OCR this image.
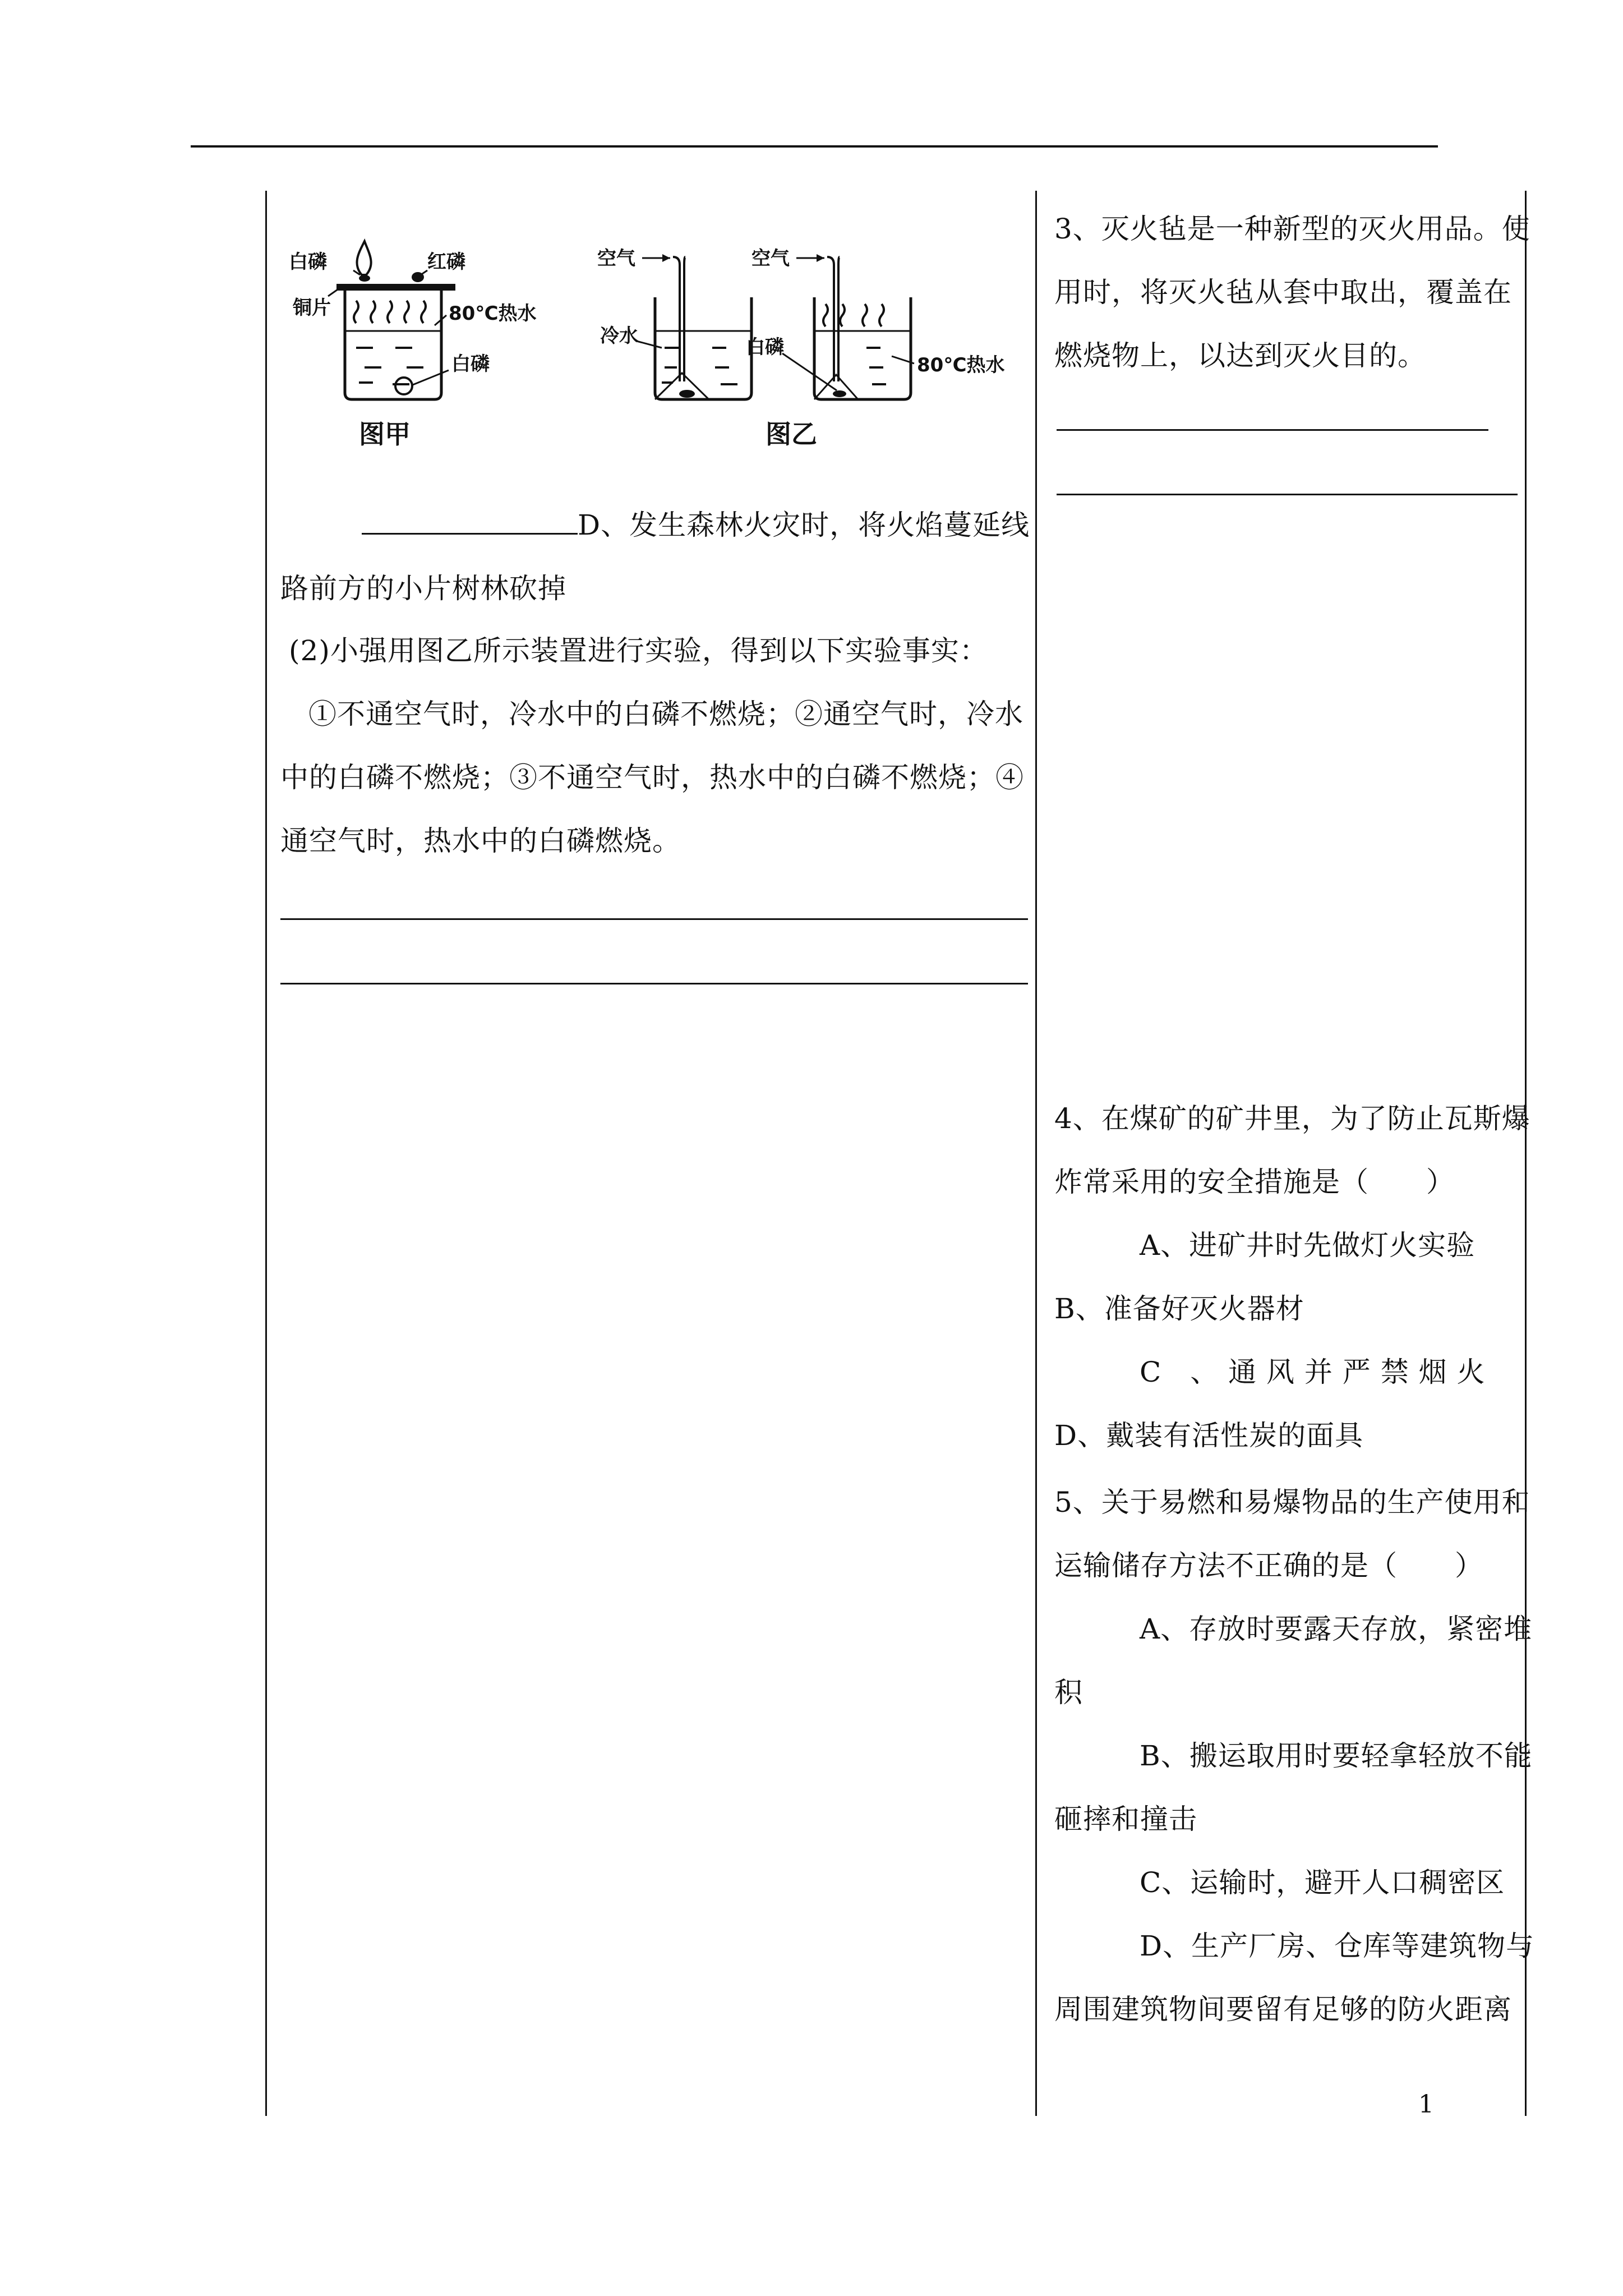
白磷	红磷
铜片	80℃热水
白磷
图甲
空气
冷水
空气
白磷
80℃热水
图乙
D、发生森林火灾时，将火焰蔓延线
路前方的小片树林砍掉
(2)小强用图乙所示装置进行实验，得到以下实验事实：
①不通空气时，冷水中的白磷不燃烧；②通空气时，冷水
中的白磷不燃烧；③不通空气时，热水中的白磷不燃烧；④
通空气时，热水中的白磷燃烧。
3、灭火毡是一种新型的灭火用品。使
用时，将灭火毡从套中取出，覆盖在
燃烧物上，以达到灭火目的。
4、在煤矿的矿井里，为了防止瓦斯爆
炸常采用的安全措施是（　　）
A、进矿井时先做灯火实验
B、准备好灭火器材
C　、 通 风 并 严 禁 烟 火
D、戴装有活性炭的面具
5、关于易燃和易爆物品的生产使用和
运输储存方法不正确的是（　　）
A、存放时要露天存放，紧密堆
积
B、搬运取用时要轻拿轻放不能
砸摔和撞击
C、运输时，避开人口稠密区
D、生产厂房、仓库等建筑物与
周围建筑物间要留有足够的防火距离
1
